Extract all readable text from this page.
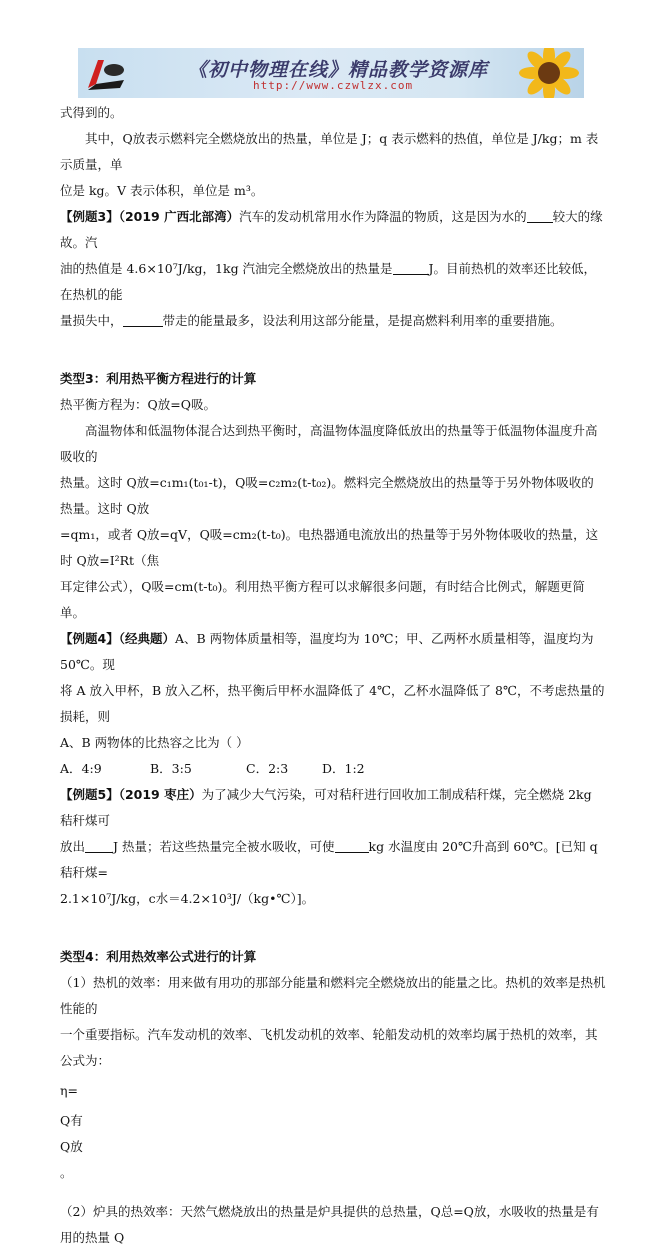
《初中物理在线》精品教学资源库
http://www.czwlzx.com

式得到的。

其中，Q放表示燃料完全燃烧放出的热量，单位是 J；q 表示燃料的热值，单位是 J/kg；m 表示质量，单

位是 kg。V 表示体积，单位是 m³。

【例题3】（2019 广西北部湾）汽车的发动机常用水作为降温的物质，这是因为水的 较大的缘故。汽

油的热值是 4.6×10⁷J/kg，1kg 汽油完全燃烧放出的热量是	J。目前热机的效率还比较低，在热机的能

量损失中，	带走的能量最多，设法利用这部分能量，是提高燃料利用率的重要措施。

类型3：利用热平衡方程进行的计算

热平衡方程为：Q放=Q吸。

高温物体和低温物体混合达到热平衡时，高温物体温度降低放出的热量等于低温物体温度升高吸收的

热量。这时 Q放=c₁m₁(t₀₁-t)，Q吸=c₂m₂(t-t₀₂)。燃料完全燃烧放出的热量等于另外物体吸收的热量。这时 Q放

=qm₁，或者 Q放=qV，Q吸=cm₂(t-t₀)。电热器通电流放出的热量等于另外物体吸收的热量，这时 Q放=I²Rt（焦

耳定律公式），Q吸=cm(t-t₀)。利用热平衡方程可以求解很多问题，有时结合比例式，解题更简单。

【例题4】（经典题）A、B 两物体质量相等，温度均为 10℃；甲、乙两杯水质量相等，温度均为 50℃。现

将 A 放入甲杯，B 放入乙杯，热平衡后甲杯水温降低了 4℃，乙杯水温降低了 8℃，不考虑热量的损耗，则

A、B 两物体的比热容之比为（ ）

A．4:9	B．3:5	C．2:3	D．1:2

【例题5】（2019 枣庄）为了减少大气污染，可对秸秆进行回收加工制成秸秆煤，完全燃烧 2kg 秸秆煤可

放出 J 热量；若这些热量完全被水吸收，可使	kg 水温度由 20℃升高到 60℃。[已知 q秸秆煤=

2.1×10⁷J/kg，c水＝4.2×10³J/（kg•℃）]。

类型4：利用热效率公式进行的计算

（1）热机的效率：用来做有用功的那部分能量和燃料完全燃烧放出的能量之比。热机的效率是热机性能的

一个重要指标。汽车发动机的效率、飞机发动机的效率、轮船发动机的效率均属于热机的效率，其公式为：

η=

Q有
Q放
。

（2）炉具的热效率：天然气燃烧放出的热量是炉具提供的总热量，Q总=Q放，水吸收的热量是有用的热量 Q
